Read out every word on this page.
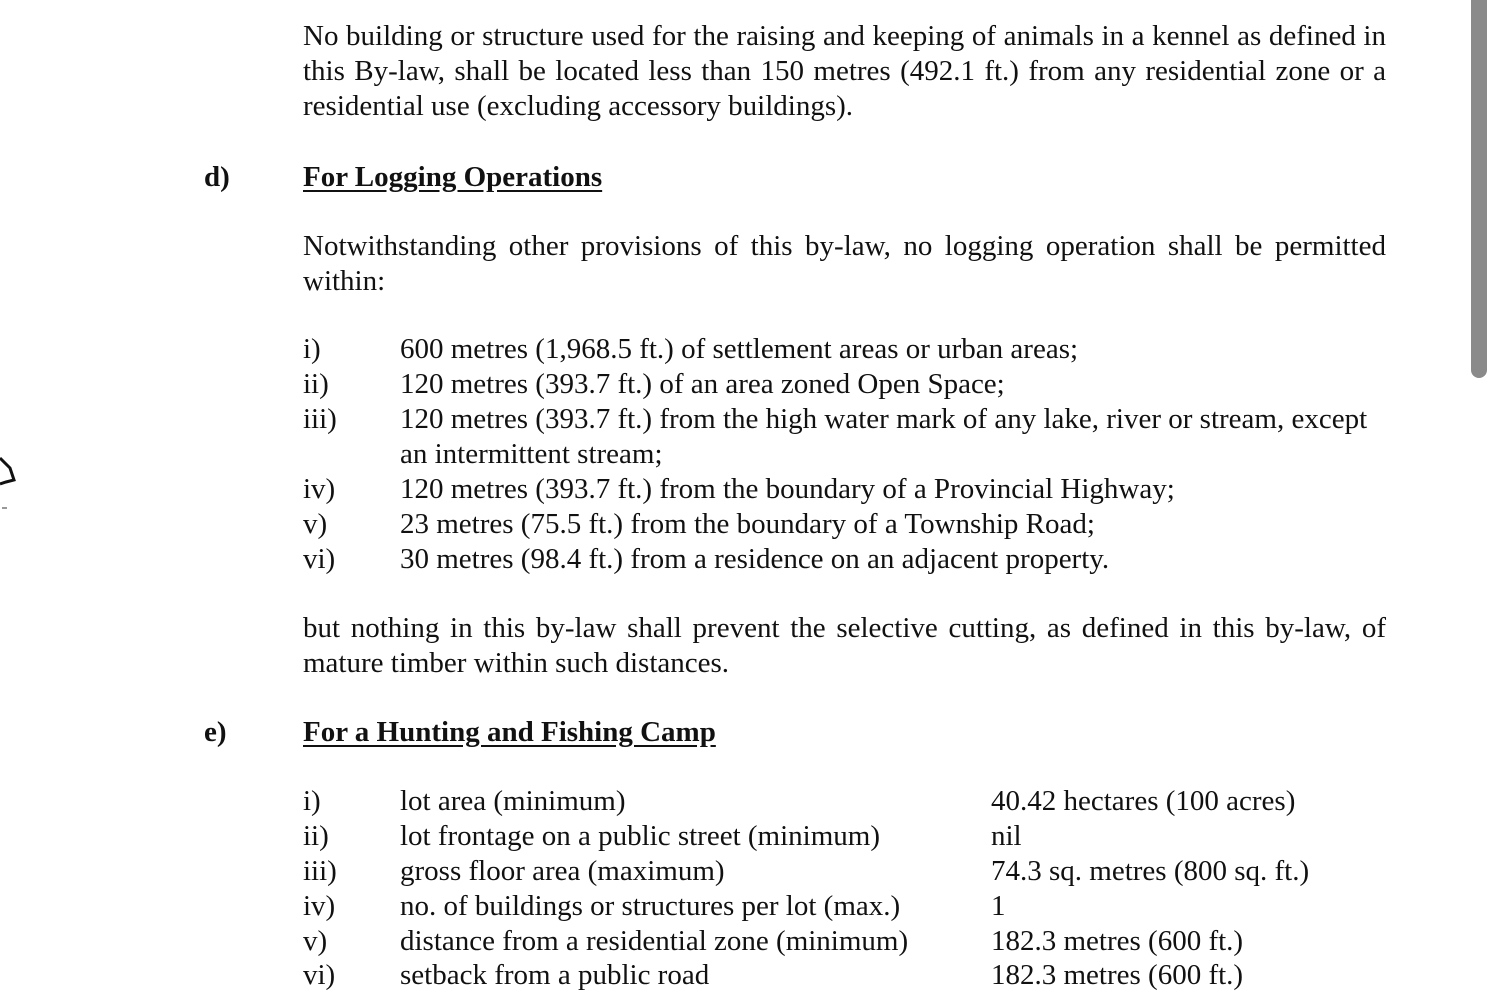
No building or structure used for the raising and keeping of animals in a kennel as defined in
this By-law, shall be located less than 150 metres (492.1 ft.) from any residential zone or a
residential use (excluding accessory buildings).
d)	For Logging Operations
Notwithstanding other provisions of this by-law, no logging operation shall be permitted
within:
i)	600 metres (1,968.5 ft.) of settlement areas or urban areas;
ii) 120 metres (393.7 ft.) of an area zoned Open Space;
iii) 120 metres (393.7 ft.) from the high water mark of any lake, river or stream, except
an intermittent stream;
iv) 120 metres (393.7 ft.) from the boundary of a Provincial Highway;
v)	23 metres (75.5 ft.) from the boundary of a Township Road;
vi) 30 metres (98.4 ft.) from a residence on an adjacent property.
but nothing in this by-law shall prevent the selective cutting, as defined in this by-law, of
mature timber within such distances.
e)	For a Hunting and Fishing Camp
i)	lot area (minimum)	40.42 hectares (100 acres)
ii) lot frontage on a public street (minimum)	nil
iii) gross floor area (maximum)	74.3 sq. metres (800 sq. ft.)
iv) no. of buildings or structures per lot (max.)	1
v)	distance from a residential zone (minimum)	182.3 metres (600 ft.)
vi) setback from a public road	182.3 metres (600 ft.)
